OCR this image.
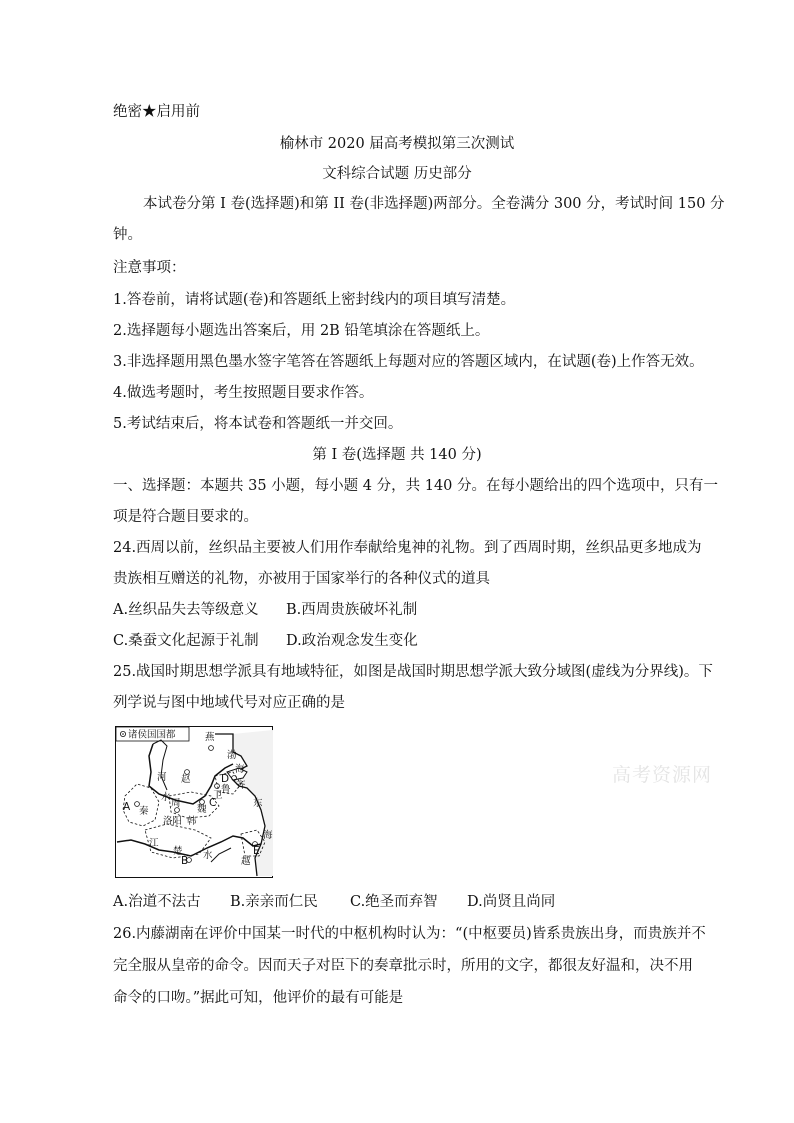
绝密★启用前
榆林市 2020 届高考模拟第三次测试
文科综合试题 历史部分
本试卷分第 I 卷(选择题)和第 II 卷(非选择题)两部分。全卷满分 300 分，考试时间 150 分
钟。
注意事项：
1.答卷前，请将试题(卷)和答题纸上密封线内的项目填写清楚。
2.选择题每小题选出答案后，用 2B 铅笔填涂在答题纸上。
3.非选择题用黑色墨水签字笔答在答题纸上每题对应的答题区域内，在试题(卷)上作答无效。
4.做选考题时，考生按照题目要求作答。
5.考试结束后，将本试卷和答题纸一并交回。
第 I 卷(选择题 共 140 分)
一、选择题：本题共 35 小题，每小题 4 分，共 140 分。在每小题给出的四个选项中，只有一
项是符合题目要求的。
24.西周以前，丝织品主要被人们用作奉献给鬼神的礼物。到了西周时期，丝织品更多地成为
贵族相互赠送的礼物，亦被用于国家举行的各种仪式的道具
A.丝织品失去等级意义 B.西周贵族破坏礼制
C.桑蚕文化起源于礼制 D.政治观念发生变化
25.战国时期思想学派具有地域特征，如图是战国时期思想学派大致分域图(虚线为分界线)。下
列学说与图中地域代号对应正确的是
诸侯国国都	燕
渤
海
河 赵
齐
鲁
卫
秦
水
周
魏
洛阳 韩
东
江
楚 水
越
海
A
B
C
D
E
高考资源网
A.治道不法古 B.亲亲而仁民 C.绝圣而弃智 D.尚贤且尚同
26.内藤湖南在评价中国某一时代的中枢机构时认为：“(中枢要员)皆系贵族出身，而贵族并不
完全服从皇帝的命令。因而天子对臣下的奏章批示时，所用的文字，都很友好温和，决不用
命令的口吻。”据此可知，他评价的最有可能是
